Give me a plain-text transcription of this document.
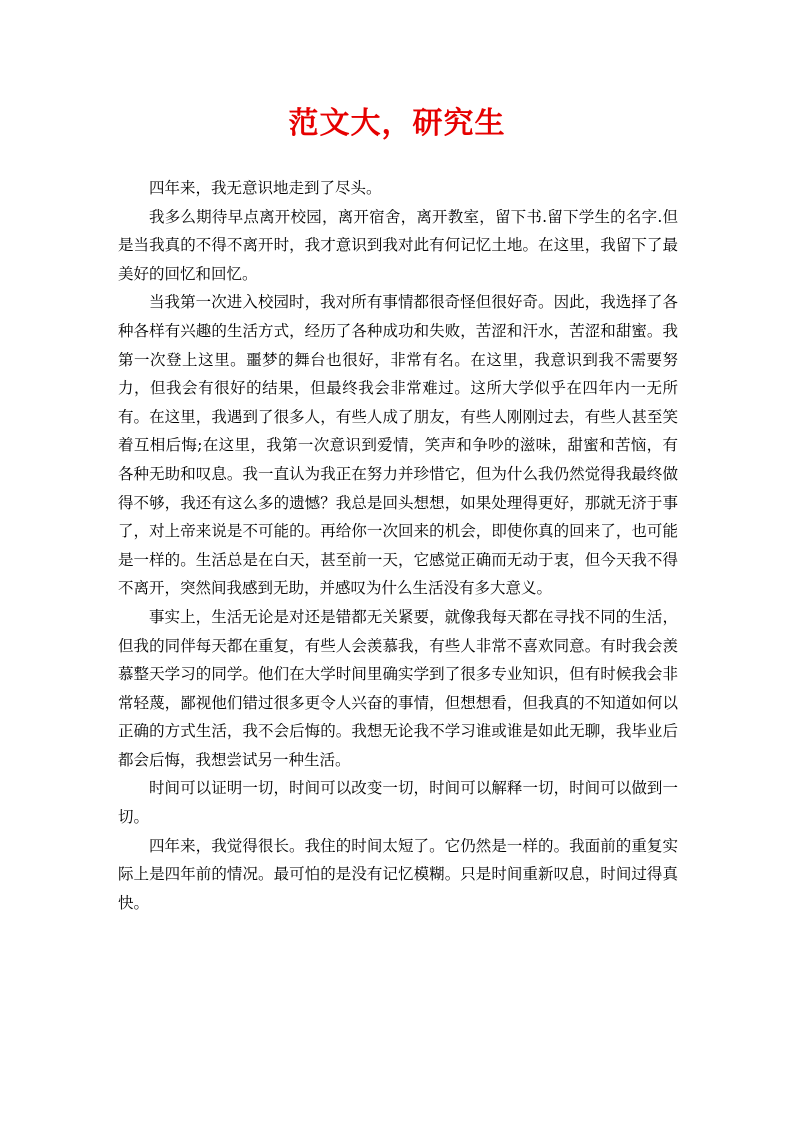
范文大，研究生

四年来，我无意识地走到了尽头。

我多么期待早点离开校园，离开宿舍，离开教室，留下书.留下学生的名字.但是当我真的不得不离开时，我才意识到我对此有何记忆土地。在这里，我留下了最美好的回忆和回忆。

当我第一次进入校园时，我对所有事情都很奇怪但很好奇。因此，我选择了各种各样有兴趣的生活方式，经历了各种成功和失败，苦涩和汗水，苦涩和甜蜜。我第一次登上这里。噩梦的舞台也很好，非常有名。在这里，我意识到我不需要努力，但我会有很好的结果，但最终我会非常难过。这所大学似乎在四年内一无所有。在这里，我遇到了很多人，有些人成了朋友，有些人刚刚过去，有些人甚至笑着互相后悔;在这里，我第一次意识到爱情，笑声和争吵的滋味，甜蜜和苦恼，有各种无助和叹息。我一直认为我正在努力并珍惜它，但为什么我仍然觉得我最终做得不够，我还有这么多的遗憾？我总是回头想想，如果处理得更好，那就无济于事了，对上帝来说是不可能的。再给你一次回来的机会，即使你真的回来了，也可能是一样的。生活总是在白天，甚至前一天，它感觉正确而无动于衷，但今天我不得不离开，突然间我感到无助，并感叹为什么生活没有多大意义。

事实上，生活无论是对还是错都无关紧要，就像我每天都在寻找不同的生活，但我的同伴每天都在重复，有些人会羡慕我，有些人非常不喜欢同意。有时我会羡慕整天学习的同学。他们在大学时间里确实学到了很多专业知识，但有时候我会非常轻蔑，鄙视他们错过很多更令人兴奋的事情，但想想看，但我真的不知道如何以正确的方式生活，我不会后悔的。我想无论我不学习谁或谁是如此无聊，我毕业后都会后悔，我想尝试另一种生活。

时间可以证明一切，时间可以改变一切，时间可以解释一切，时间可以做到一切。

四年来，我觉得很长。我住的时间太短了。它仍然是一样的。我面前的重复实际上是四年前的情况。最可怕的是没有记忆模糊。只是时间重新叹息，时间过得真快。
